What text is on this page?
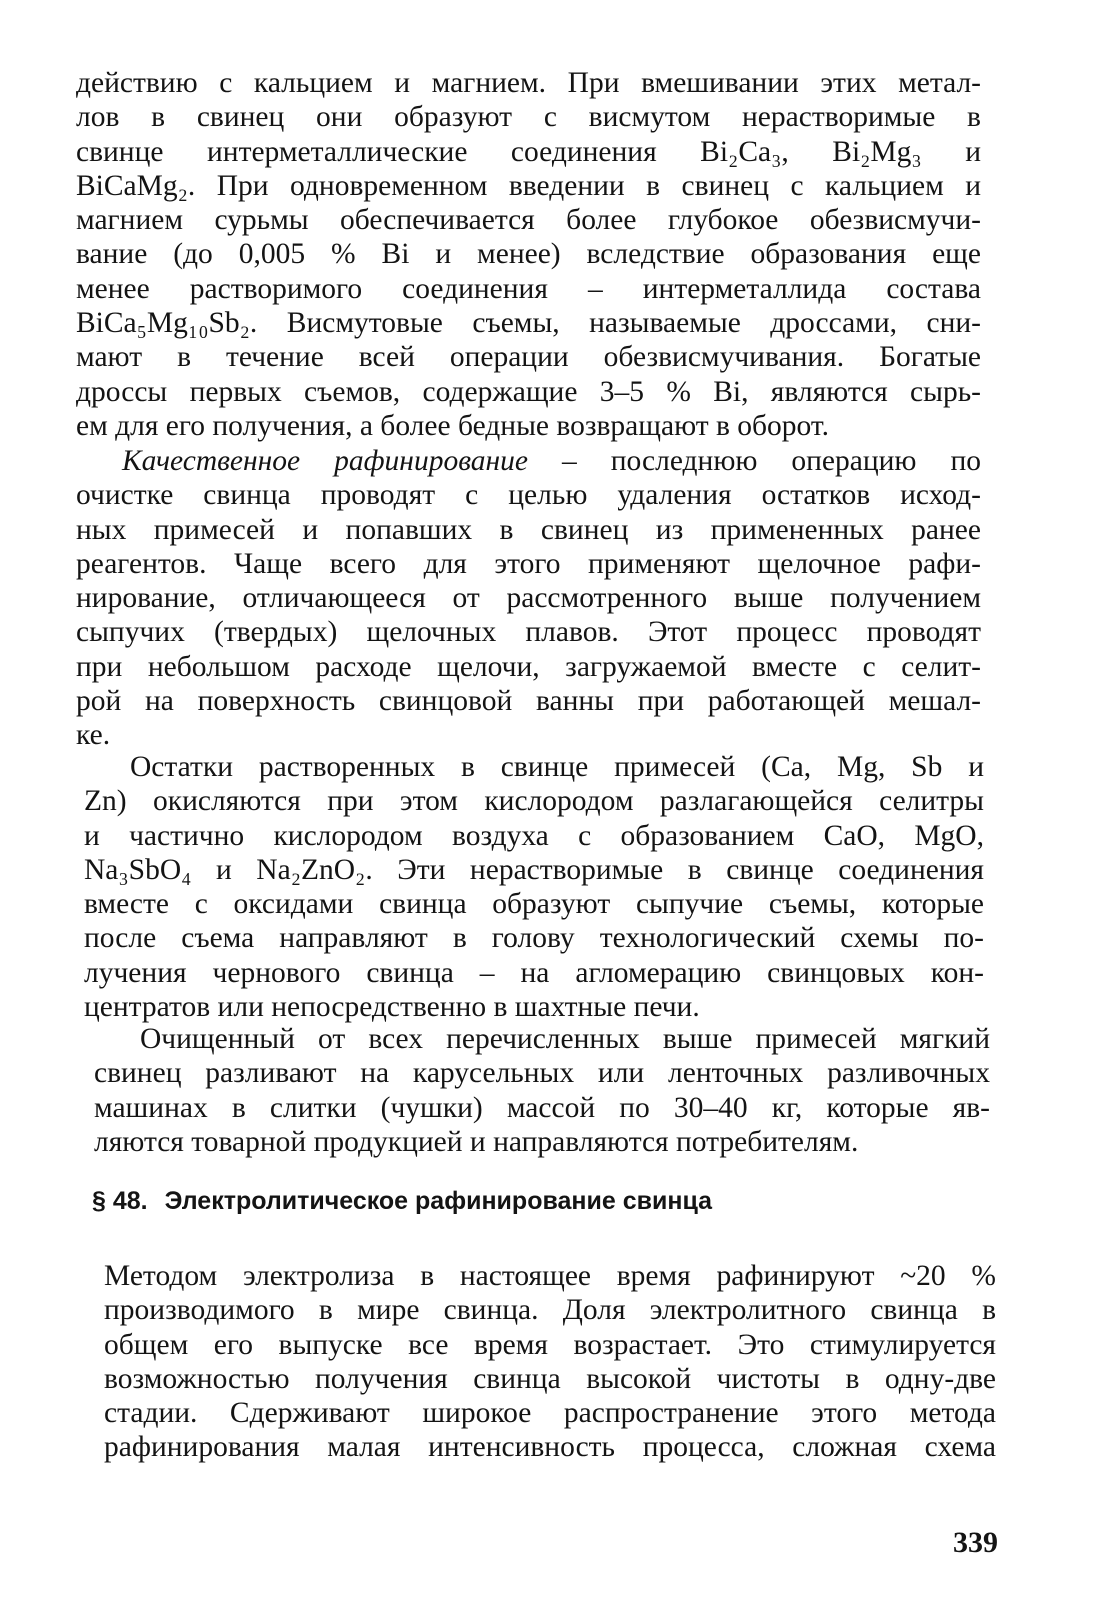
действию с кальцием и магнием. При вмешивании этих метал-
лов в свинец они образуют с висмутом нерастворимые в
свинце интерметаллические соединения Bi₂Ca₃, Bi₂Mg₃ и
BiCaMg₂. При одновременном введении в свинец с кальцием и
магнием сурьмы обеспечивается более глубокое обезвисмучи-
вание (до 0,005 % Bi и менее) вследствие образования еще
менее растворимого соединения – интерметаллида состава
BiCa₅Mg₁₀Sb₂. Висмутовые съемы, называемые дроссами, сни-
мают в течение всей операции обезвисмучивания. Богатые
дроссы первых съемов, содержащие 3–5 % Bi, являются сырь-
ем для его получения, а более бедные возвращают в оборот.
Качественное рафинирование – последнюю операцию по
очистке свинца проводят с целью удаления остатков исход-
ных примесей и попавших в свинец из примененных ранее
реагентов. Чаще всего для этого применяют щелочное рафи-
нирование, отличающееся от рассмотренного выше получением
сыпучих (твердых) щелочных плавов. Этот процесс проводят
при небольшом расходе щелочи, загружаемой вместе с селит-
рой на поверхность свинцовой ванны при работающей мешал-
ке.
Остатки растворенных в свинце примесей (Ca, Mg, Sb и
Zn) окисляются при этом кислородом разлагающейся селитры
и частично кислородом воздуха с образованием CaO, MgO,
Na₃SbO₄ и Na₂ZnO₂. Эти нерастворимые в свинце соединения
вместе с оксидами свинца образуют сыпучие съемы, которые
после съема направляют в голову технологический схемы по-
лучения чернового свинца – на агломерацию свинцовых кон-
центратов или непосредственно в шахтные печи.
Очищенный от всех перечисленных выше примесей мягкий
свинец разливают на карусельных или ленточных разливочных
машинах в слитки (чушки) массой по 30–40 кг, которые яв-
ляются товарной продукцией и направляются потребителям.
§ 48. Электролитическое рафинирование свинца
Методом электролиза в настоящее время рафинируют ~20 %
производимого в мире свинца. Доля электролитного свинца в
общем его выпуске все время возрастает. Это стимулируется
возможностью получения свинца высокой чистоты в одну-две
стадии. Сдерживают широкое распространение этого метода
рафинирования малая интенсивность процесса, сложная схема
339
